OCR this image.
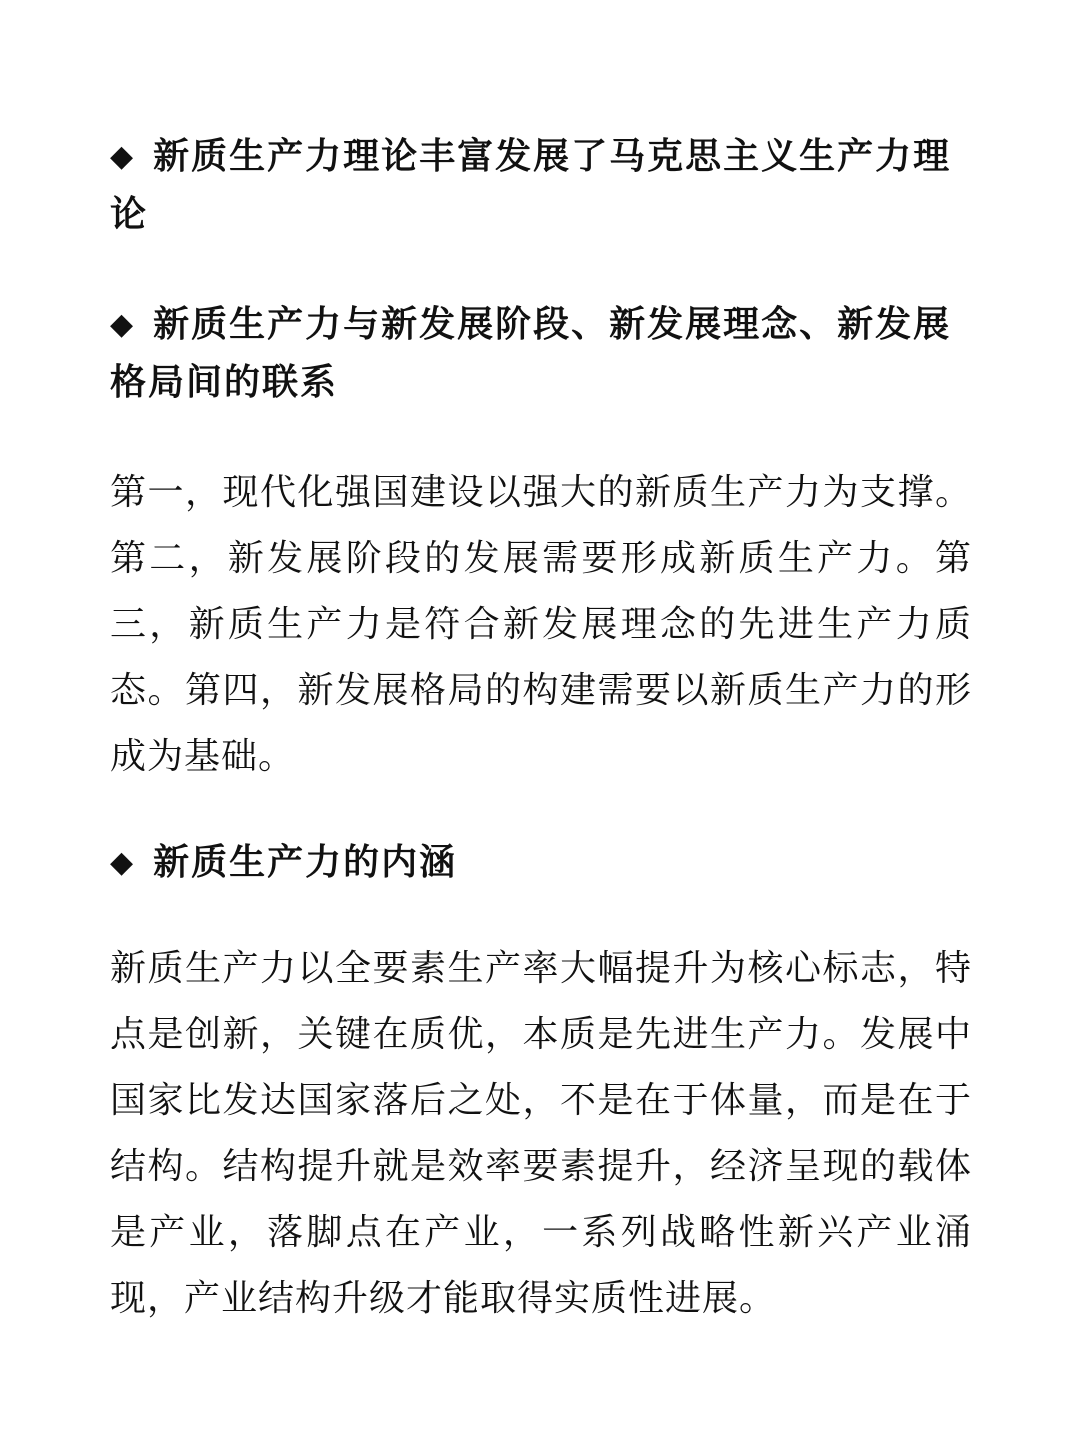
◆ 新质生产力理论丰富发展了马克思主义生产力理论
◆ 新质生产力与新发展阶段、新发展理念、新发展格局间的联系

第一，现代化强国建设以强大的新质生产力为支撑。第二，新发展阶段的发展需要形成新质生产力。第三，新质生产力是符合新发展理念的先进生产力质态。第四，新发展格局的构建需要以新质生产力的形成为基础。

◆ 新质生产力的内涵

新质生产力以全要素生产率大幅提升为核心标志，特点是创新，关键在质优，本质是先进生产力。发展中国家比发达国家落后之处，不是在于体量，而是在于结构。结构提升就是效率要素提升，经济呈现的载体是产业，落脚点在产业，一系列战略性新兴产业涌现，产业结构升级才能取得实质性进展。
